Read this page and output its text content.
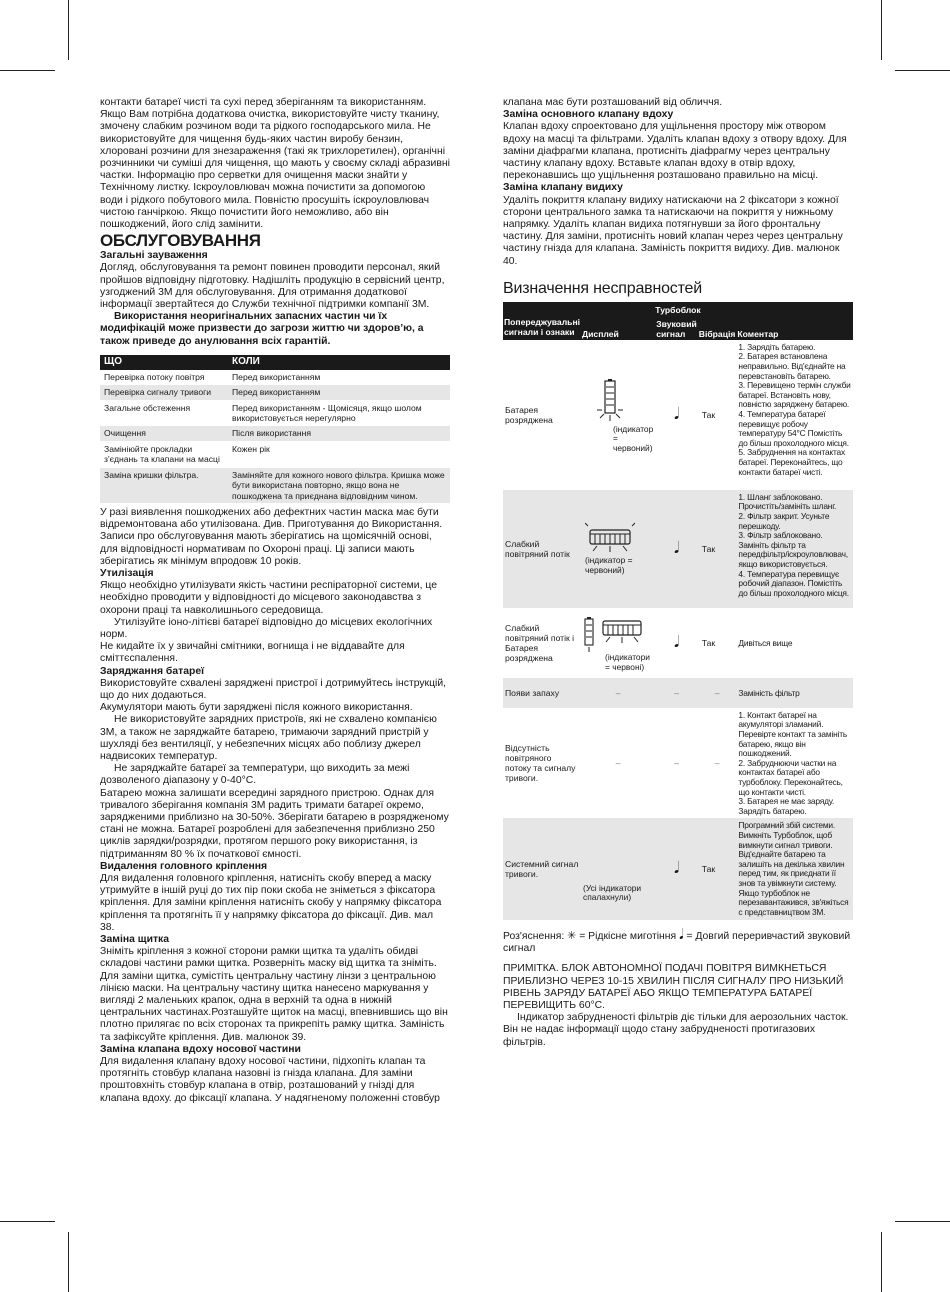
контакти батареї чисті та сухі перед зберіганням та використанням. Якщо Вам потрібна додаткова очистка, використовуйте чисту тканину, змочену слабким розчином води та рідкого господарського мила. Не використовуйте для чищення будь-яких частин виробу бензин, хлоровані розчини для знезараження (такі як трихлоретилен), органічні розчинники чи суміші для чищення, що мають у своєму складі абразивні частки. Інформацію про серветки для очищення маски знайти у Технічному листку. Іскроуловлювач можна почистити за допомогою води і рідкого побутового мила. Повністю просушіть іскроуловлювач чистою ганчіркою. Якщо почистити його неможливо, або він пошкоджений, його слід замінити.

ОБСЛУГОВУВАННЯ

Загальні зауваження

Догляд, обслуговування та ремонт повинен проводити персонал, який пройшов відповідну підготовку. Надішліть продукцію в сервісний центр, узгоджений 3М для обслуговування. Для отримання додаткової інформації звертайтеся до Служби технічної підтримки компанії 3М.

Використання неоригінальних запасних частин чи їх модифікацій може призвести до загрози життю чи здоров’ю, а також приведе до анулювання всіх гарантій.

ЩО	КОЛИ
Перевірка потоку повітря	Перед використанням
Перевірка сигналу тривоги	Перед використанням
Загальне обстеження	Перед використанням - Щомісяця, якщо шолом використовується нерегулярно
Очищення	Після використання
Замініюйте прокладки з'єднань та клапани на масці	Кожен рік
Заміна кришки фільтра.	Заміняйте для кожного нового фільтра. Кришка може бути використана повторно, якщо вона не пошкоджена та приєднана відповідним чином.

У разі виявлення пошкоджених або дефектних частин маска має бути відремонтована або утилізована. Див. Приготування до Використання. Записи про обслуговування мають зберігатись на щомісячній основі, для відповідності нормативам по Охороні праці. Ці записи мають зберігатись як мінімум впродовж 10 років.

Утилізація

Якщо необхідно утилізувати якість частини респіраторної системи, це необхідно проводити у відповідності до місцевого законодавства з охорони праці та навколишнього середовища.

Утилізуйте іоно-літієві батареї відповідно до місцевих екологічних норм.

Не кидайте їх у звичайні смітники, вогнища і не віддавайте для сміттєспалення.

Заряджання батареї

Використовуйте схвалені заряджені пристрої і дотримуйтесь інструкцій, що до них додаються.

Акумулятори мають бути заряджені після кожного використання.

Не використовуйте зарядних пристроїв, які не схвалено компанією 3M, а також не заряджайте батарею, тримаючи зарядний пристрій у шухляді без вентиляції, у небезпечних місцях або поблизу джерел надвисоких температур.

Не заряджайте батареї за температури, що виходить за межі дозволеного діапазону у 0-40°C.

Батарею можна залишати всередині зарядного пристрою. Однак для тривалого зберігання компанія 3M радить тримати батареї окремо, зарядженими приблизно на 30-50%. Зберігати батарею в розрядженому стані не можна. Батареї розроблені для забезпечення приблизно 250 циклів зарядки/розрядки, протягом першого року використання, із підтриманням 80 % їх початкової ємності.

Видалення головного кріплення

Для видалення головного кріплення, натисніть скобу вперед а маску утримуйте в іншій руці до тих пір поки скоба не зніметься з фіксатора кріплення. Для заміни кріплення натисніть скобу у напрямку фіксатора кріплення та протягніть її у напрямку фіксатора до фіксації. Див. мал 38.

Заміна щитка

Зніміть кріплення з кожної сторони рамки щитка та удаліть обидві складові частини рамки щитка. Розверніть маску від щитка та зніміть. Для заміни щитка, сумістіть центральну частину лінзи з центральною лінією маски. На центральну частину щитка нанесено маркування у вигляді 2 маленьких крапок, одна в верхній та одна в нижній центральних частинах.Розташуйте щиток на масці, впевнившись що він плотно прилягає по всіх сторонах та прикрепіть рамку щитка. Заміність та зафіксуйте кріплення. Див. малюнок 39.

Заміна клапана вдоху носової частини

Для видалення клапану вдоху носової частини, підхопіть клапан та протягніть стовбур клапана назовні із гнізда клапана. Для заміни проштовхніть стовбур клапана в отвір, розташований у гнізді для клапана вдоху. до фіксації клапана. У надягненому положенні стовбур

клапана має бути розташований від обличчя.

Заміна основного клапану вдоху

Клапан вдоху спроектовано для ущільнення простору між отвором вдоху на масці та фільтрами. Удаліть клапан вдоху з отвору вдоху. Для заміни діафрагми клапана, протисніть діафрагму через центральну частину клапану вдоху. Вставьте клапан вдоху в отвір вдоху, переконавшись що ущільнення розташовано правильно на місці.

Заміна клапану видиху

Удаліть покриття клапану видиху натискаючи на 2 фіксатори з кожної сторони центрального замка та натискаючи на покриття у нижньому напрямку. Удаліть клапан видиха потягнувши за його фронтальну частину. Для заміни, протисніть новий клапан через через центральну частину гнізда для клапана. Заміність покриття видиху. Див. малюнок 40.

Визначення несправностей
Турбоблок				
Попереджувальні сигнали і ознаки	Дисплей	Звуковий сигнал	Вібрація	Коментар
Батарея розряджена	(індикатор = червоний)	𝅘𝅥	Так	1. Зарядіть батарею.
2. Батарея встановлена неправильно. Від'єднайте на перевстановіть батарею.
3. Перевищено термін служби батареї. Встановіть нову, повністю заряджену батарею.
4. Температура батареї перевищує робочу температуру 54°C Помістіть до більш прохолодного місця.
5. Забруднення на контактах батареї. Переконайтесь, що контакти батареї чисті.
Слабкий повітряний потік	(індикатор = червоний)	𝅘𝅥	Так	1. Шланг заблоковано. Прочистіть/замініть шланг.
2. Фільтр закрит. Усуньте перешкоду.
3. Фільтр заблоковано. Замініть фільтр та передфільтр/іскроуловлювач, якщо використовується.
4. Температура перевищує робочий діапазон. Помістіть до більш прохолодного місця.
Слабкий повітряний потік і Батарея розряджена	(індикатори = червоні)	𝅘𝅥	Так	Дивіться вище
Появи запаху	–	–	–	Заміність фільтр
Відсутність повітряного потоку та сигналу тривоги.	–	–	–	1. Контакт батареї на акумуляторі зламаний. Перевірте контакт та замініть батарею, якщо він пошкоджений.
2. Забруднюючи частки на контактах батареї або турбоблоку. Переконайтесь, що контакти чисті.
3. Батарея не має заряду. Зарядіть батарею.
Системний сигнал тривоги.	(Усі індикатори спалахнули)	𝅘𝅥	Так	Програмний збій системи. Вимкніть Турбоблок, щоб вимкнути сигнал тривоги. Від'єднайте батарею та залишіть на декілька хвилин перед тим, як приєднати її знов та увімкнути систему. Якщо турбоблок не перезавантажився, зв'яжіться с представництвом 3M.
Роз'яснення: ✳ = Рідкісне миготіння 𝅘𝅥 = Довгий переривчастий звуковий сигнал

ПРИМІТКА. БЛОК АВТОНОМНОЇ ПОДАЧІ ПОВІТРЯ ВИМКНЕТЬСЯ ПРИБЛИЗНО ЧЕРЕЗ 10-15 ХВИЛИН ПІСЛЯ СИГНАЛУ ПРО НИЗЬКИЙ РІВЕНЬ ЗАРЯДУ БАТАРЕЇ АБО ЯКЩО ТЕМПЕРАТУРА БАТАРЕЇ ПЕРЕВИЩИТЬ 60°C.

Індикатор забрудненості фільтрів діє тільки для аерозольних часток. Він не надає інформації щодо стану забрудненості протигазових фільтрів.
